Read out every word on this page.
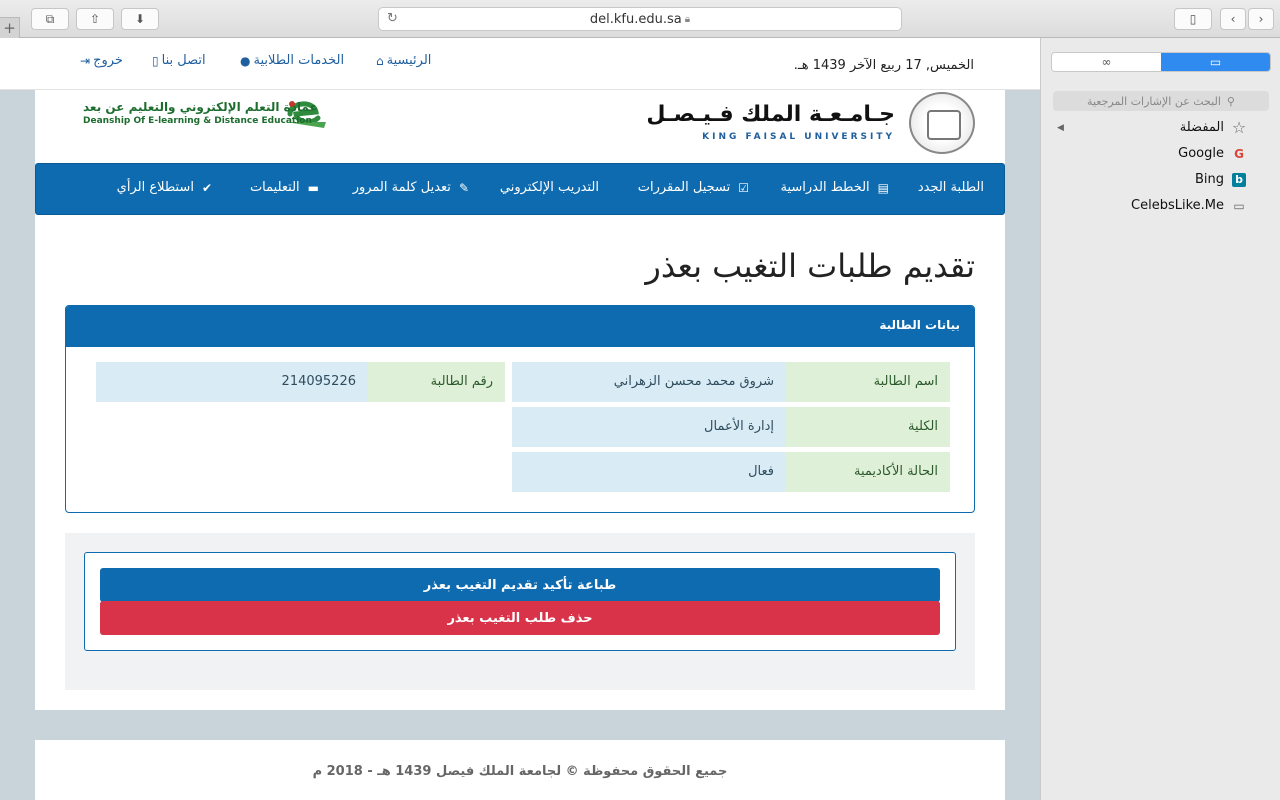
⧉	⇧	⬇	↻	del.kfu.edu.sa 🔒︎	▯	‹ ›
+
الخميس, 17 ربيع الآخر 1439 هـ.
الرئيسية
⌂
الخدمات الطلابية
●
اتصل بنا
▯
خروج
⇥
جـامـعـة الملك فـيـصـل
KING FAISAL UNIVERSITY
عمادة التعلم الإلكتروني والتعليم عن بعد
Deanship Of E-learning & Distance Education
الطلبة الجدد
▤
الخطط الدراسية
☑
تسجيل المقررات
التدريب الإلكتروني
✎
تعديل كلمة المرور
▬
التعليمات
✔
استطلاع الرأي
تقديم طلبات التغيب بعذر
بيانات الطالبة
اسم الطالبة
شروق محمد محسن الزهراني
الكلية
إدارة الأعمال
الحالة الأكاديمية
فعال
رقم الطالبة
214095226
طباعة تأكيد تقديم التغيب بعذر
حذف طلب التغيب بعذر
جميع الحقوق محفوظة © لجامعة الملك فيصل 1439 هـ - 2018 م
∞	▭
⚲
البحث عن الإشارات المرجعية
◀	المفضلة ☆
Google G
Bing b
CelebsLike.Me ▭
